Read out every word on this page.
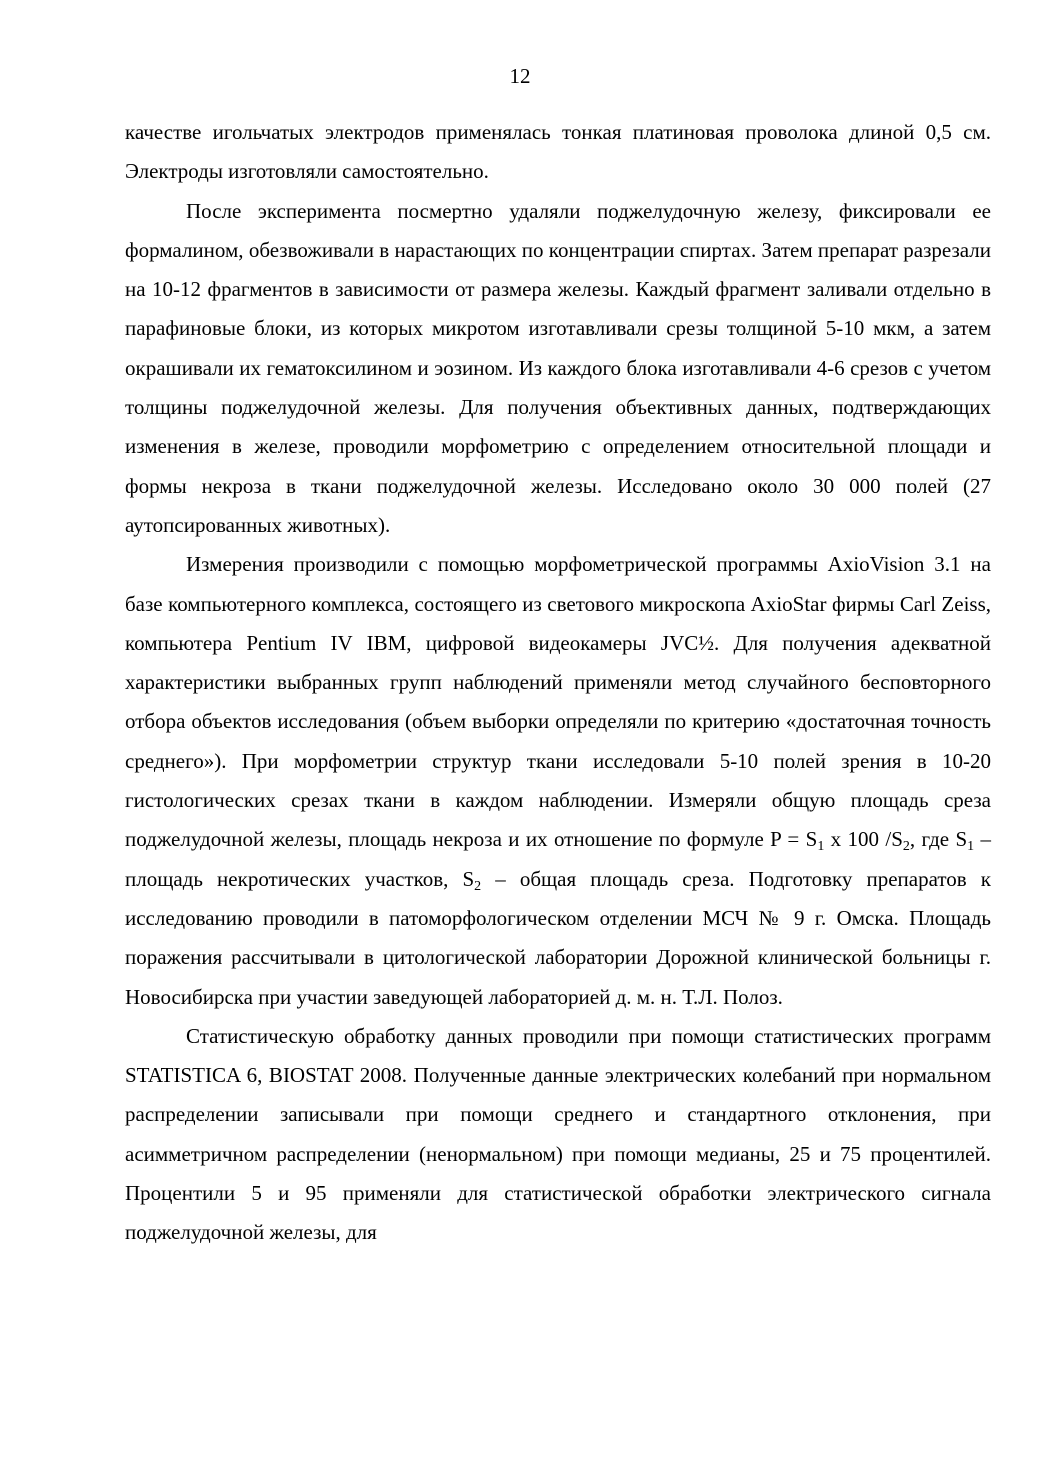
12

качестве игольчатых электродов применялась тонкая платиновая проволока длиной 0,5 см. Электроды изготовляли самостоятельно.

После эксперимента посмертно удаляли поджелудочную железу, фиксировали ее формалином, обезвоживали в нарастающих по концентрации спиртах. Затем препарат разрезали на 10-12 фрагментов в зависимости от размера железы. Каждый фрагмент заливали отдельно в парафиновые блоки, из которых микротом изготавливали срезы толщиной 5-10 мкм, а затем окрашивали их гематоксилином и эозином. Из каждого блока изготавливали 4-6 срезов с учетом толщины поджелудочной железы. Для получения объективных данных, подтверждающих изменения в железе, проводили морфометрию с определением относительной площади и формы некроза в ткани поджелудочной железы. Исследовано около 30 000 полей (27 аутопсированных животных).

Измерения производили с помощью морфометрической программы AxioVision 3.1 на базе компьютерного комплекса, состоящего из светового микроскопа AxioStar фирмы Carl Zeiss, компьютера Pentium IV IBM, цифровой видеокамеры JVC½. Для получения адекватной характеристики выбранных групп наблюдений применяли метод случайного бесповторного отбора объектов исследования (объем выборки определяли по критерию «достаточная точность среднего»). При морфометрии структур ткани исследовали 5-10 полей зрения в 10-20 гистологических срезах ткани в каждом наблюдении. Измеряли общую площадь среза поджелудочной железы, площадь некроза и их отношение по формуле $P = S_1$ x 100 $/S_2$, где $S_1$ – площадь некротических участков, $S_2$ – общая площадь среза. Подготовку препаратов к исследованию проводили в патоморфологическом отделении МСЧ № 9 г. Омска. Площадь поражения рассчитывали в цитологической лаборатории Дорожной клинической больницы г. Новосибирска при участии заведующей лабораторией д. м. н. Т.Л. Полоз.

Статистическую обработку данных проводили при помощи статистических программ STATISTICA 6, BIOSTAT 2008. Полученные данные электрических колебаний при нормальном распределении записывали при помощи среднего и стандартного отклонения, при асимметричном распределении (ненормальном) при помощи медианы, 25 и 75 процентилей. Процентили 5 и 95 применяли для статистической обработки электрического сигнала поджелудочной железы, для
